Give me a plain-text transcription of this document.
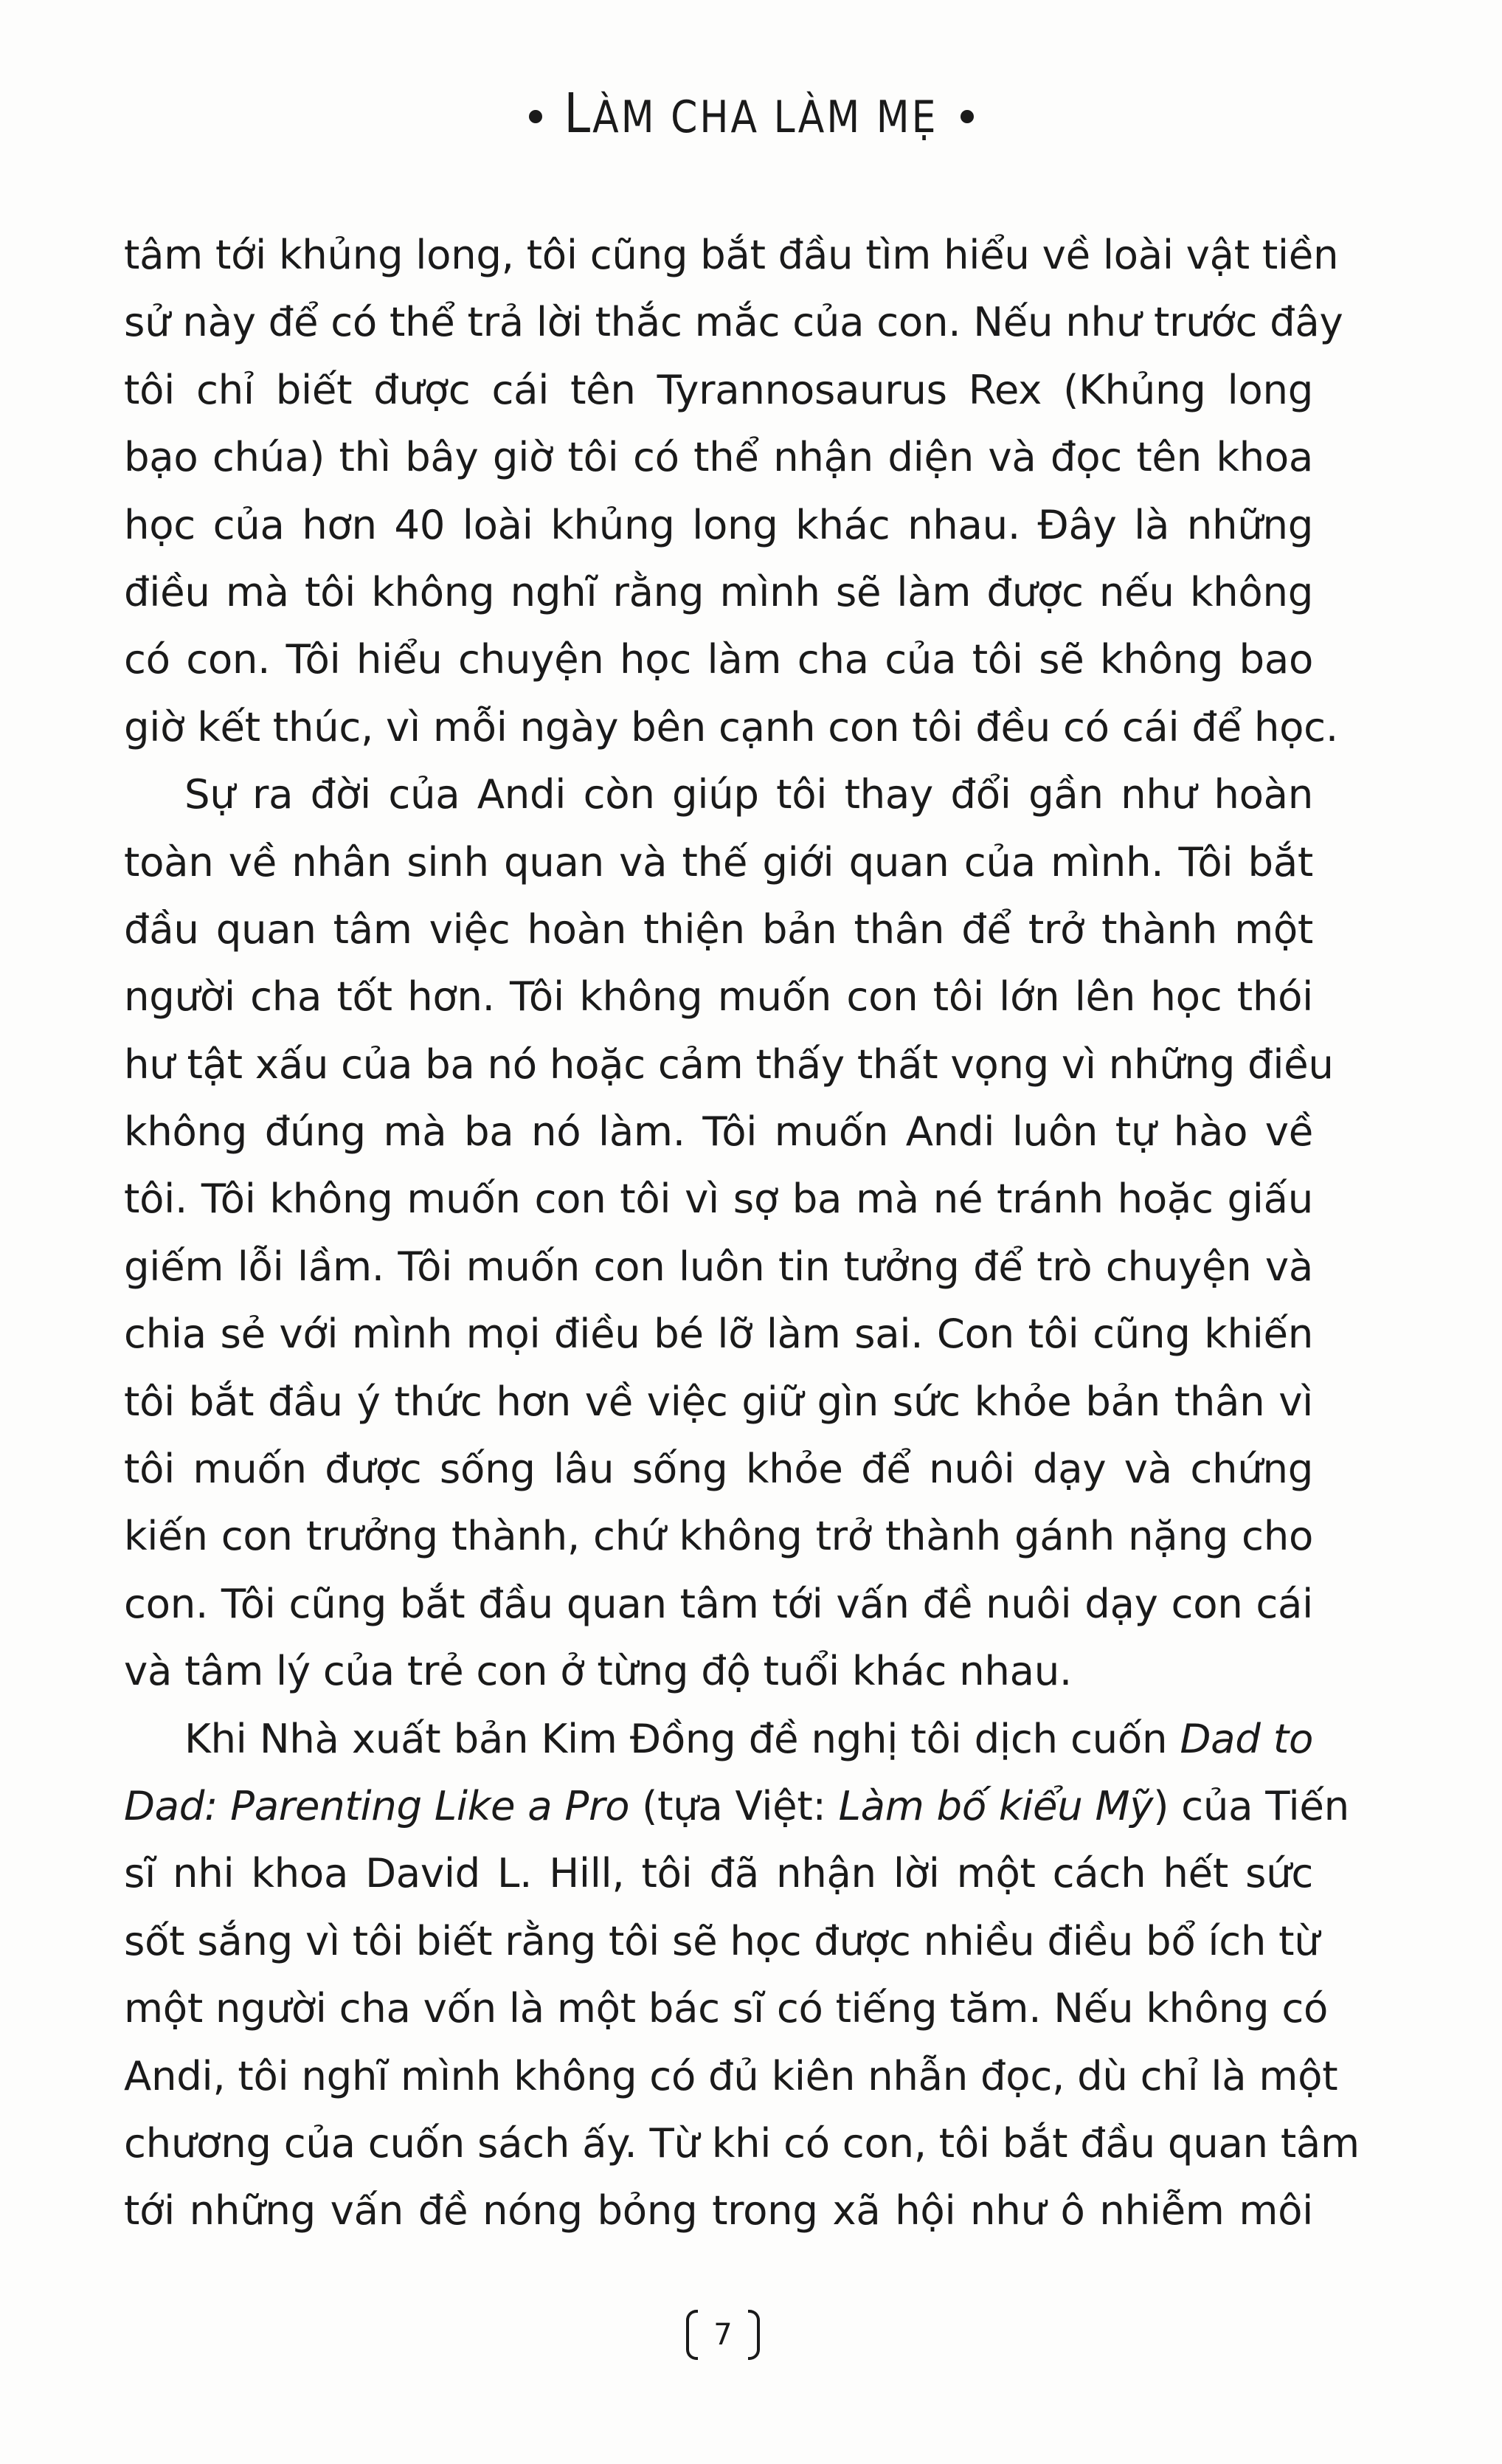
LÀM CHA LÀM MẸ
tâm tới khủng long, tôi cũng bắt đầu tìm hiểu về loài vật tiền
sử này để có thể trả lời thắc mắc của con. Nếu như trước đây
tôi chỉ biết được cái tên Tyrannosaurus Rex (Khủng long
bạo chúa) thì bây giờ tôi có thể nhận diện và đọc tên khoa
học của hơn 40 loài khủng long khác nhau. Đây là những
điều mà tôi không nghĩ rằng mình sẽ làm được nếu không
có con. Tôi hiểu chuyện học làm cha của tôi sẽ không bao
giờ kết thúc, vì mỗi ngày bên cạnh con tôi đều có cái để học.
Sự ra đời của Andi còn giúp tôi thay đổi gần như hoàn
toàn về nhân sinh quan và thế giới quan của mình. Tôi bắt
đầu quan tâm việc hoàn thiện bản thân để trở thành một
người cha tốt hơn. Tôi không muốn con tôi lớn lên học thói
hư tật xấu của ba nó hoặc cảm thấy thất vọng vì những điều
không đúng mà ba nó làm. Tôi muốn Andi luôn tự hào về
tôi. Tôi không muốn con tôi vì sợ ba mà né tránh hoặc giấu
giếm lỗi lầm. Tôi muốn con luôn tin tưởng để trò chuyện và
chia sẻ với mình mọi điều bé lỡ làm sai. Con tôi cũng khiến
tôi bắt đầu ý thức hơn về việc giữ gìn sức khỏe bản thân vì
tôi muốn được sống lâu sống khỏe để nuôi dạy và chứng
kiến con trưởng thành, chứ không trở thành gánh nặng cho
con. Tôi cũng bắt đầu quan tâm tới vấn đề nuôi dạy con cái
và tâm lý của trẻ con ở từng độ tuổi khác nhau.
Khi Nhà xuất bản Kim Đồng đề nghị tôi dịch cuốn Dad to
Dad: Parenting Like a Pro (tựa Việt: Làm bố kiểu Mỹ) của Tiến
sĩ nhi khoa David L. Hill, tôi đã nhận lời một cách hết sức
sốt sắng vì tôi biết rằng tôi sẽ học được nhiều điều bổ ích từ
một người cha vốn là một bác sĩ có tiếng tăm. Nếu không có
Andi, tôi nghĩ mình không có đủ kiên nhẫn đọc, dù chỉ là một
chương của cuốn sách ấy. Từ khi có con, tôi bắt đầu quan tâm
tới những vấn đề nóng bỏng trong xã hội như ô nhiễm môi
7
